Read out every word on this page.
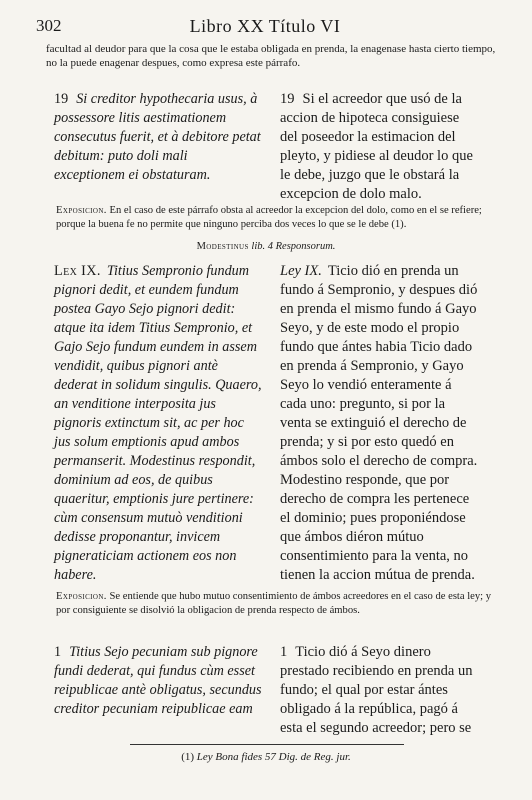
302	Libro XX Título VI
facultad al deudor para que la cosa que le estaba obligada en prenda, la enagenase hasta cierto tiempo, no la puede enagenar despues, como expresa este párrafo.
19 Si creditor hypothecaria usus, à possessore litis aestimationem consecutus fuerit, et à debitore petat debitum: puto doli mali exceptionem ei obstaturam.
19 Si el acreedor que usó de la accion de hipoteca consiguiese del poseedor la estimacion del pleyto, y pidiese al deudor lo que le debe, juzgo que le obstará la excepcion de dolo malo.
Exposicion. En el caso de este párrafo obsta al acreedor la excepcion del dolo, como en el se refiere; porque la buena fe no permite que ninguno perciba dos veces lo que se le debe (1).
Modestinus lib. 4 Responsorum.
Lex IX. Titius Sempronio fundum pignori dedit, et eundem fundum postea Gayo Sejo pignori dedit: atque ita idem Titius Sempronio, et Gajo Sejo fundum eundem in assem vendidit, quibus pignori antè dederat in solidum singulis. Quaero, an venditione interposita jus pignoris extinctum sit, ac per hoc jus solum emptionis apud ambos permanserit. Modestinus respondit, dominium ad eos, de quibus quaeritur, emptionis jure pertinere: cùm consensum mutuò venditioni dedisse proponantur, invicem pigneraticiam actionem eos non habere.
Ley IX. Ticio dió en prenda un fundo á Sempronio, y despues dió en prenda el mismo fundo á Gayo Seyo, y de este modo el propio fundo que ántes habia Ticio dado en prenda á Sempronio, y Gayo Seyo lo vendió enteramente á cada uno: pregunto, si por la venta se extinguió el derecho de prenda; y si por esto quedó en ámbos solo el derecho de compra. Modestino responde, que por derecho de compra les pertenece el dominio; pues proponiéndose que ámbos diéron mútuo consentimiento para la venta, no tienen la accion mútua de prenda.
Exposicion. Se entiende que hubo mutuo consentimiento de ámbos acreedores en el caso de esta ley; y por consiguiente se disolvió la obligacion de prenda respecto de ámbos.
1 Titius Sejo pecuniam sub pignore fundi dederat, qui fundus cùm esset reipublicae antè obligatus, secundus creditor pecuniam reipublicae eam
1 Ticio dió á Seyo dinero prestado recibiendo en prenda un fundo; el qual por estar ántes obligado á la república, pagó á esta el segundo acreedor; pero se
(1) Ley Bona fides 57 Dig. de Reg. jur.
